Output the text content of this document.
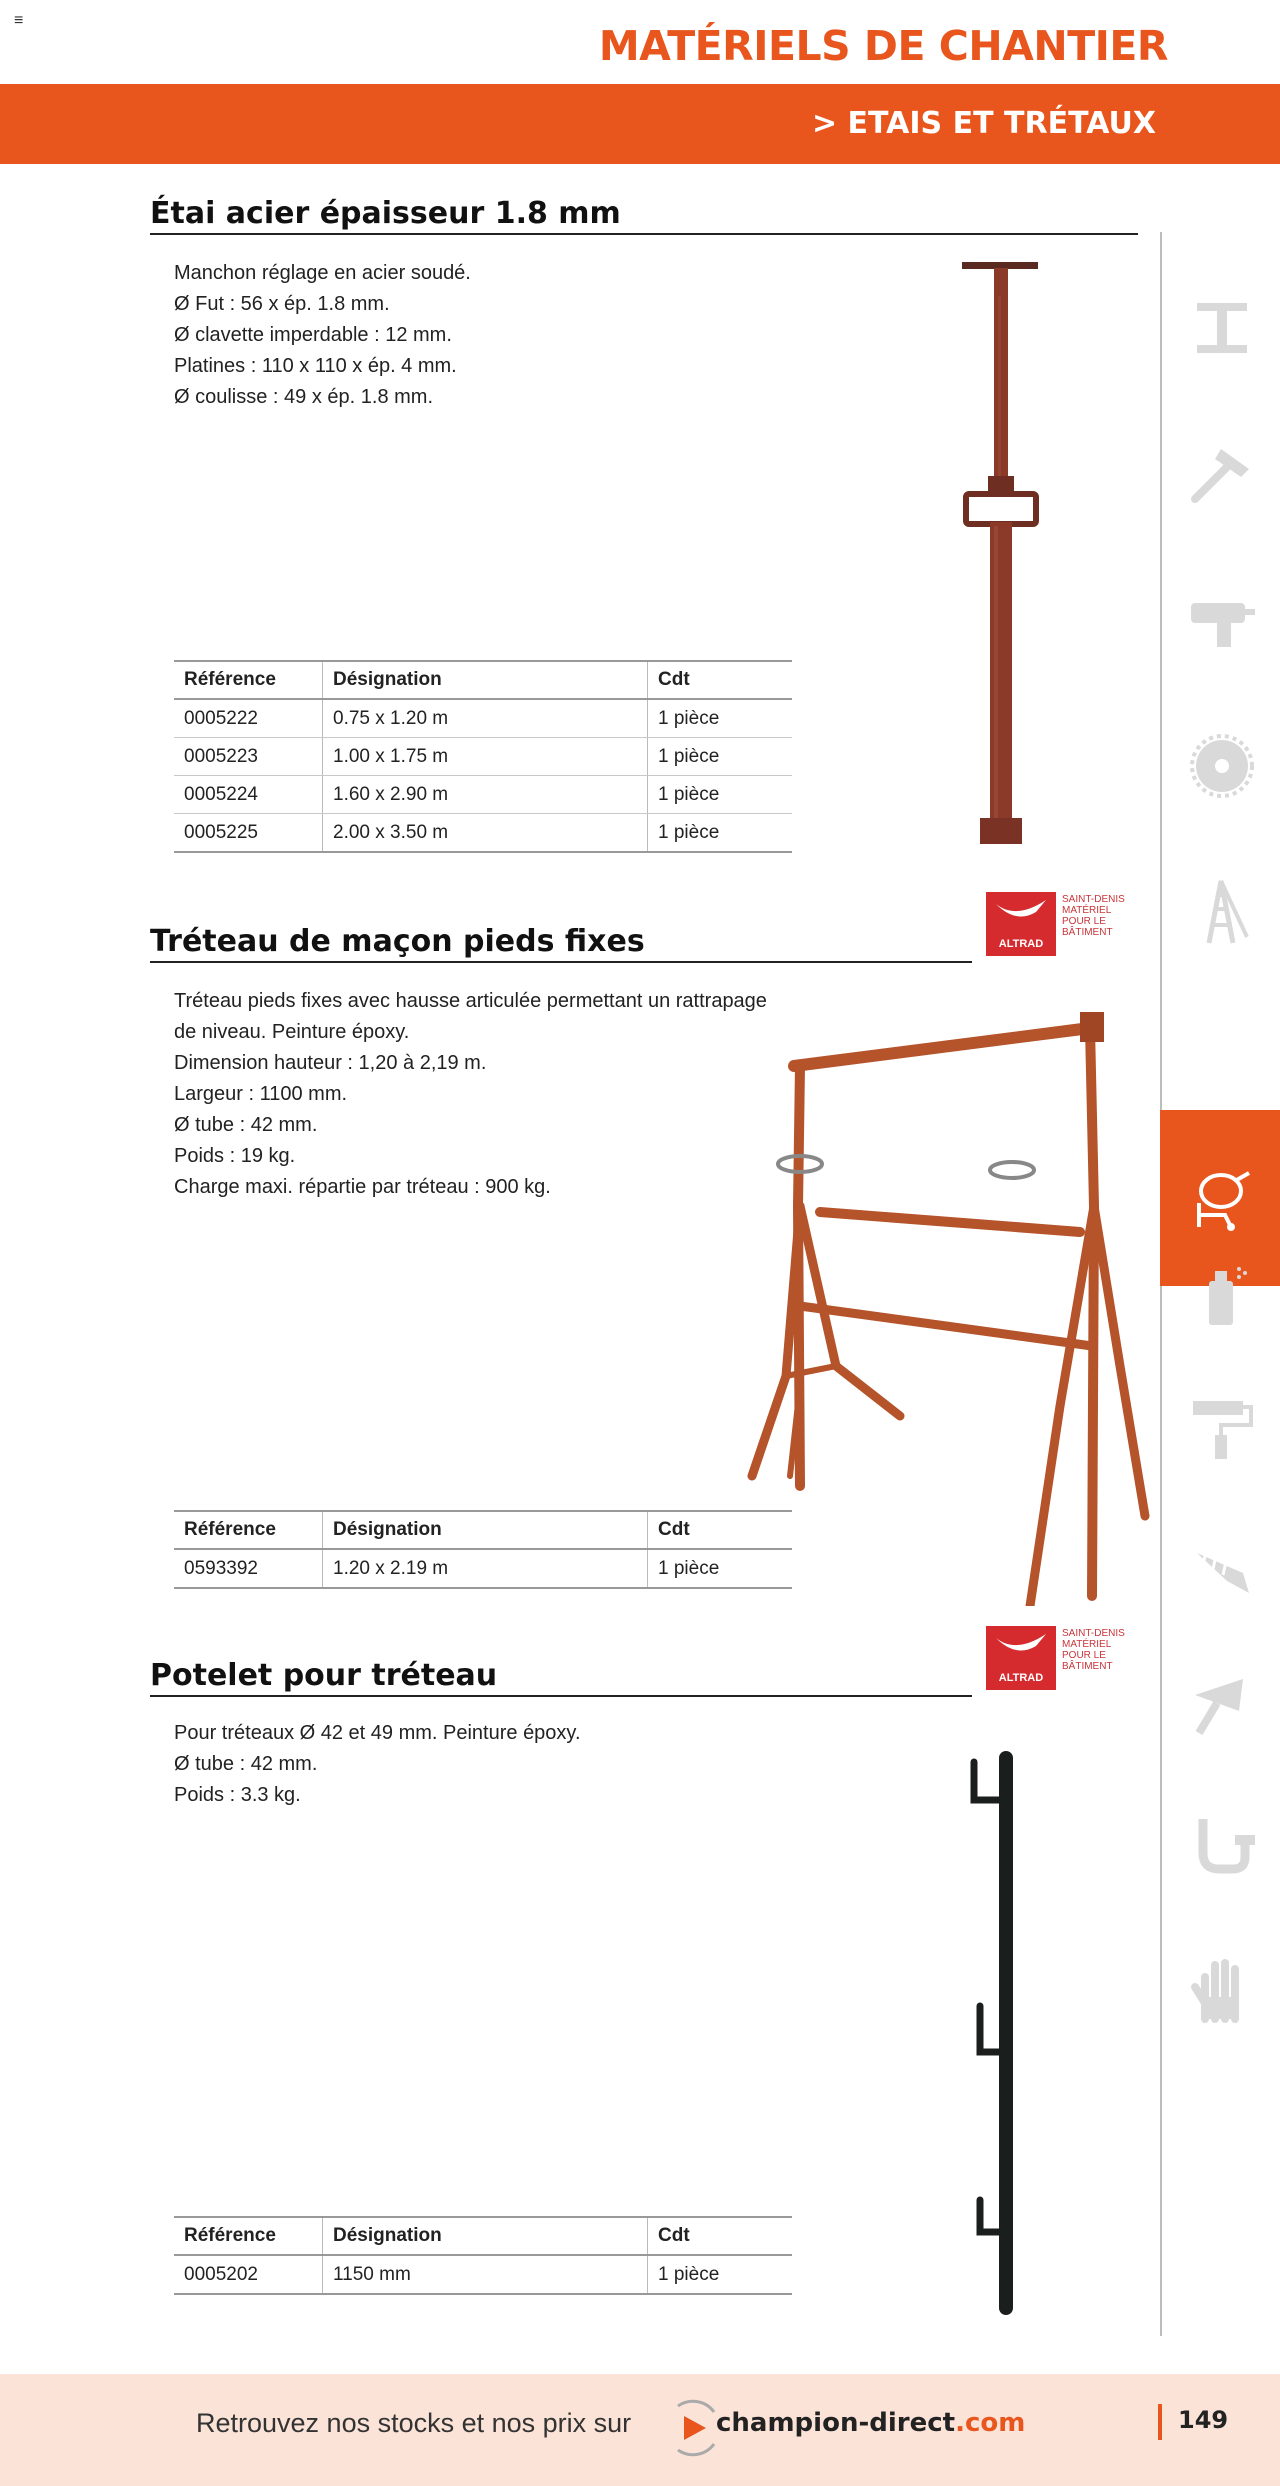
≡
MATÉRIELS DE CHANTIER
> ETAIS ET TRÉTAUX
Étai acier épaisseur 1.8 mm
Manchon réglage en acier soudé.
Ø Fut : 56 x ép. 1.8 mm.
Ø clavette imperdable : 12 mm.
Platines : 110 x 110 x ép. 4 mm.
Ø coulisse : 49 x ép. 1.8 mm.
Référence	Désignation	Cdt
0005222	0.75 x 1.20 m	1 pièce
0005223	1.00 x 1.75 m	1 pièce
0005224	1.60 x 2.90 m	1 pièce
0005225	2.00 x 3.50 m	1 pièce
ALTRAD
SAINT-DENIS
MATÉRIEL
POUR LE
BÂTIMENT
Tréteau de maçon pieds fixes
Tréteau pieds fixes avec hausse articulée permettant un rattrapage
de niveau. Peinture époxy.
Dimension hauteur : 1,20 à 2,19 m.
Largeur : 1100 mm.
Ø tube : 42 mm.
Poids : 19 kg.
Charge maxi. répartie par tréteau : 900 kg.
Référence	Désignation	Cdt
0593392	1.20 x 2.19 m	1 pièce
ALTRAD
SAINT-DENIS
MATÉRIEL
POUR LE
BÂTIMENT
Potelet pour tréteau
Pour tréteaux Ø 42 et 49 mm. Peinture époxy.
Ø tube : 42 mm.
Poids : 3.3 kg.
Référence	Désignation	Cdt
0005202	1150 mm	1 pièce
Retrouvez nos stocks et nos prix sur	champion-direct.com	149
